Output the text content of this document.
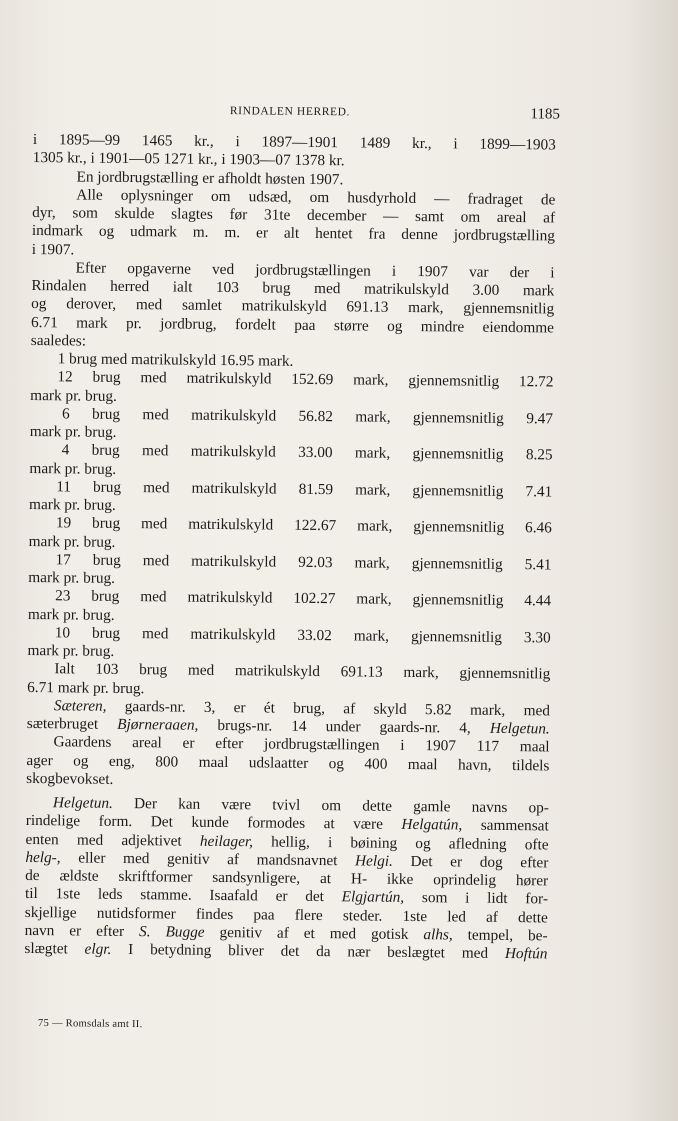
RINDALEN HERRED.	1185
i 1895—99 1465 kr., i 1897—1901 1489 kr., i 1899—1903
1305 kr., i 1901—05 1271 kr., i 1903—07 1378 kr.
En jordbrugstælling er afholdt høsten 1907.
Alle oplysninger om udsæd, om husdyrhold — fradraget de
dyr, som skulde slagtes før 31te december — samt om areal af
indmark og udmark m. m. er alt hentet fra denne jordbrugstælling
i 1907.
Efter opgaverne ved jordbrugstællingen i 1907 var der i
Rindalen herred ialt 103 brug med matrikulskyld 3.00 mark
og derover, med samlet matrikulskyld 691.13 mark, gjennemsnitlig
6.71 mark pr. jordbrug, fordelt paa større og mindre eiendomme
saaledes:
1 brug med matrikulskyld 16.95 mark.
12 brug med matrikulskyld 152.69 mark, gjennemsnitlig 12.72
mark pr. brug.
6 brug med matrikulskyld 56.82 mark, gjennemsnitlig 9.47
mark pr. brug.
4 brug med matrikulskyld 33.00 mark, gjennemsnitlig 8.25
mark pr. brug.
11 brug med matrikulskyld 81.59 mark, gjennemsnitlig 7.41
mark pr. brug.
19 brug med matrikulskyld 122.67 mark, gjennemsnitlig 6.46
mark pr. brug.
17 brug med matrikulskyld 92.03 mark, gjennemsnitlig 5.41
mark pr. brug.
23 brug med matrikulskyld 102.27 mark, gjennemsnitlig 4.44
mark pr. brug.
10 brug med matrikulskyld 33.02 mark, gjennemsnitlig 3.30
mark pr. brug.
Ialt 103 brug med matrikulskyld 691.13 mark, gjennemsnitlig
6.71 mark pr. brug.
Sæteren, gaards-nr. 3, er ét brug, af skyld 5.82 mark, med
sæterbruget Bjørneraaen, brugs-nr. 14 under gaards-nr. 4, Helgetun.
Gaardens areal er efter jordbrugstællingen i 1907 117 maal
ager og eng, 800 maal udslaatter og 400 maal havn, tildels
skogbevokset.
Helgetun. Der kan være tvivl om dette gamle navns op-
rindelige form. Det kunde formodes at være Helgatún, sammensat
enten med adjektivet heilager, hellig, i bøining og afledning ofte
helg-, eller med genitiv af mandsnavnet Helgi. Det er dog efter
de ældste skriftformer sandsynligere, at H- ikke oprindelig hører
til 1ste leds stamme. Isaafald er det Elgjartún, som i lidt for-
skjellige nutidsformer findes paa flere steder. 1ste led af dette
navn er efter S. Bugge genitiv af et med gotisk alhs, tempel, be-
slægtet elgr. I betydning bliver det da nær beslægtet med Hoftún
75 — Romsdals amt II.
